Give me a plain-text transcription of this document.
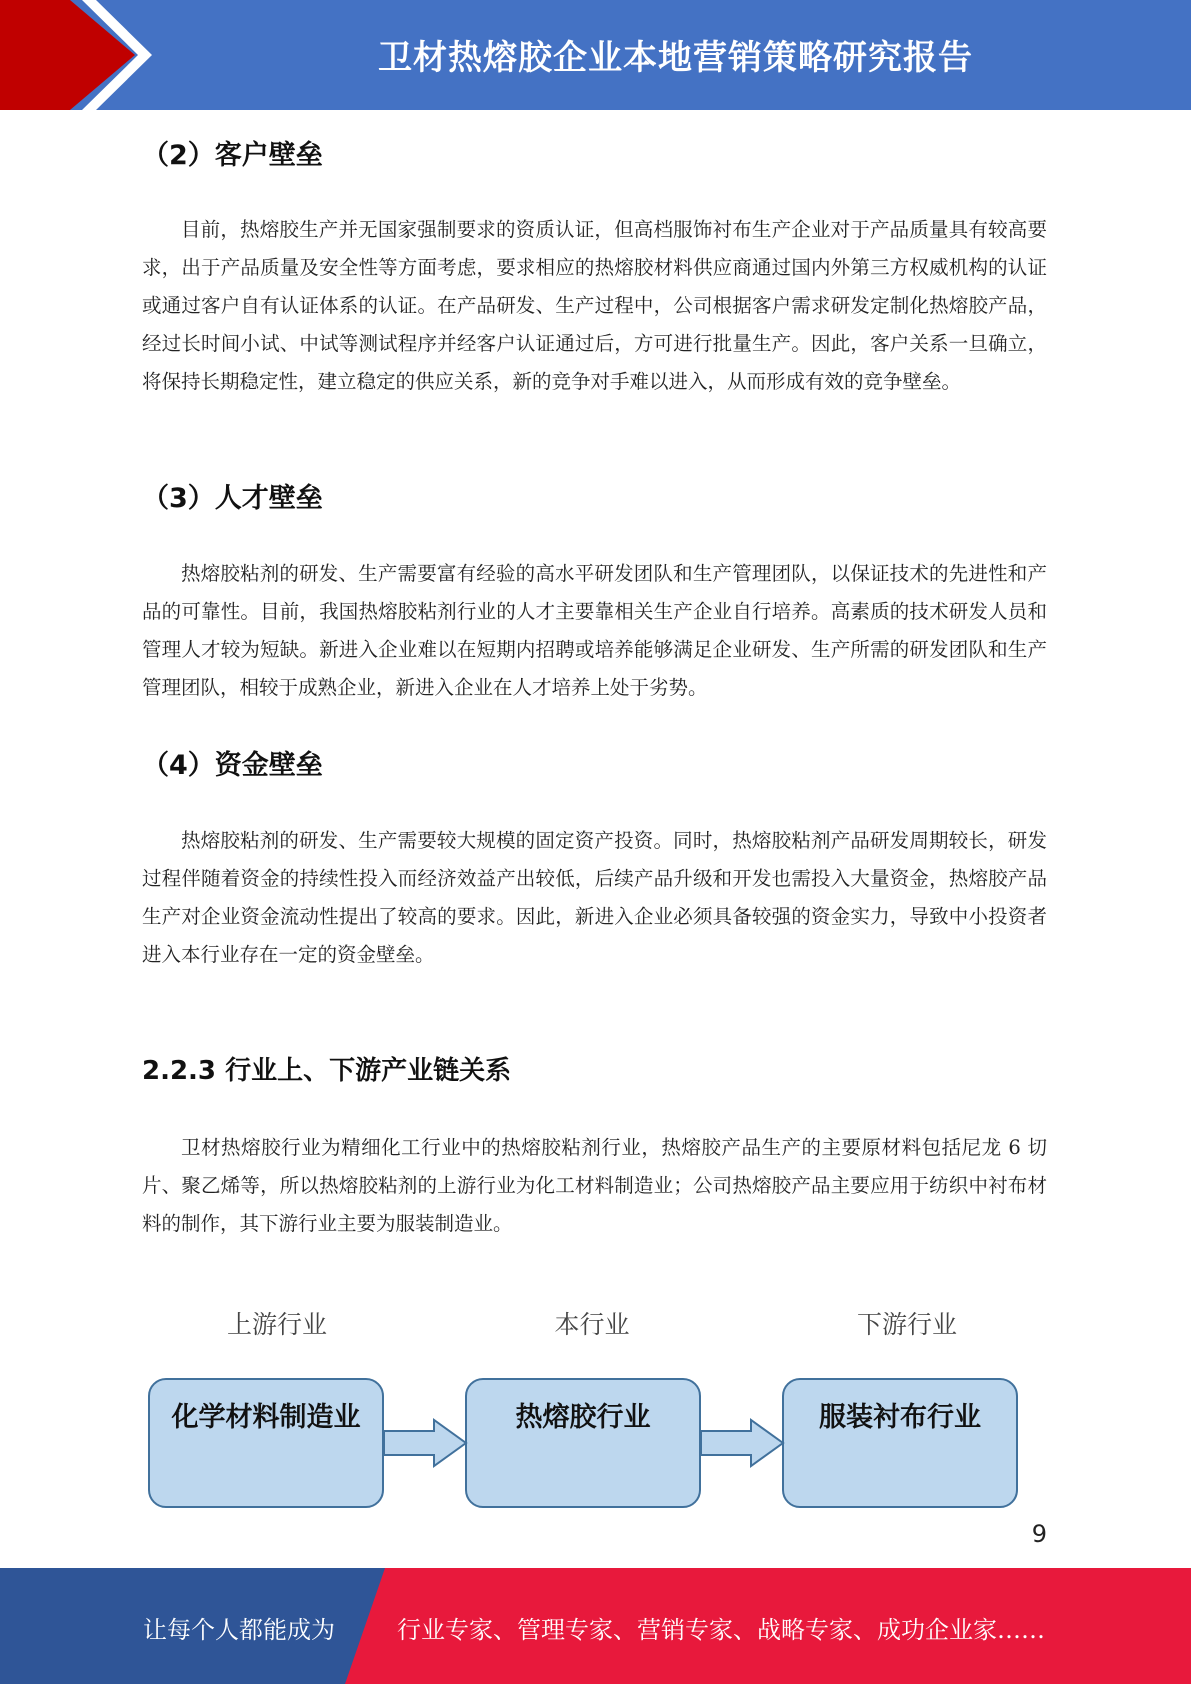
卫材热熔胶企业本地营销策略研究报告
（2）客户壁垒

目前，热熔胶生产并无国家强制要求的资质认证，但高档服饰衬布生产企业对于产品质量具有较高要求，出于产品质量及安全性等方面考虑，要求相应的热熔胶材料供应商通过国内外第三方权威机构的认证或通过客户自有认证体系的认证。在产品研发、生产过程中，公司根据客户需求研发定制化热熔胶产品，经过长时间小试、中试等测试程序并经客户认证通过后，方可进行批量生产。因此，客户关系一旦确立，将保持长期稳定性，建立稳定的供应关系，新的竞争对手难以进入，从而形成有效的竞争壁垒。

（3）人才壁垒

热熔胶粘剂的研发、生产需要富有经验的高水平研发团队和生产管理团队，以保证技术的先进性和产品的可靠性。目前，我国热熔胶粘剂行业的人才主要靠相关生产企业自行培养。高素质的技术研发人员和管理人才较为短缺。新进入企业难以在短期内招聘或培养能够满足企业研发、生产所需的研发团队和生产管理团队，相较于成熟企业，新进入企业在人才培养上处于劣势。

（4）资金壁垒

热熔胶粘剂的研发、生产需要较大规模的固定资产投资。同时，热熔胶粘剂产品研发周期较长，研发过程伴随着资金的持续性投入而经济效益产出较低，后续产品升级和开发也需投入大量资金，热熔胶产品生产对企业资金流动性提出了较高的要求。因此，新进入企业必须具备较强的资金实力，导致中小投资者进入本行业存在一定的资金壁垒。

2.2.3 行业上、下游产业链关系

卫材热熔胶行业为精细化工行业中的热熔胶粘剂行业，热熔胶产品生产的主要原材料包括尼龙 6 切片、聚乙烯等，所以热熔胶粘剂的上游行业为化工材料制造业；公司热熔胶产品主要应用于纺织中衬布材料的制作，其下游行业主要为服装制造业。

上游行业	本行业	下游行业
化学材料制造业	热熔胶行业	服装衬布行业
9
让每个人都能成为	行业专家、管理专家、营销专家、战略专家、成功企业家……
